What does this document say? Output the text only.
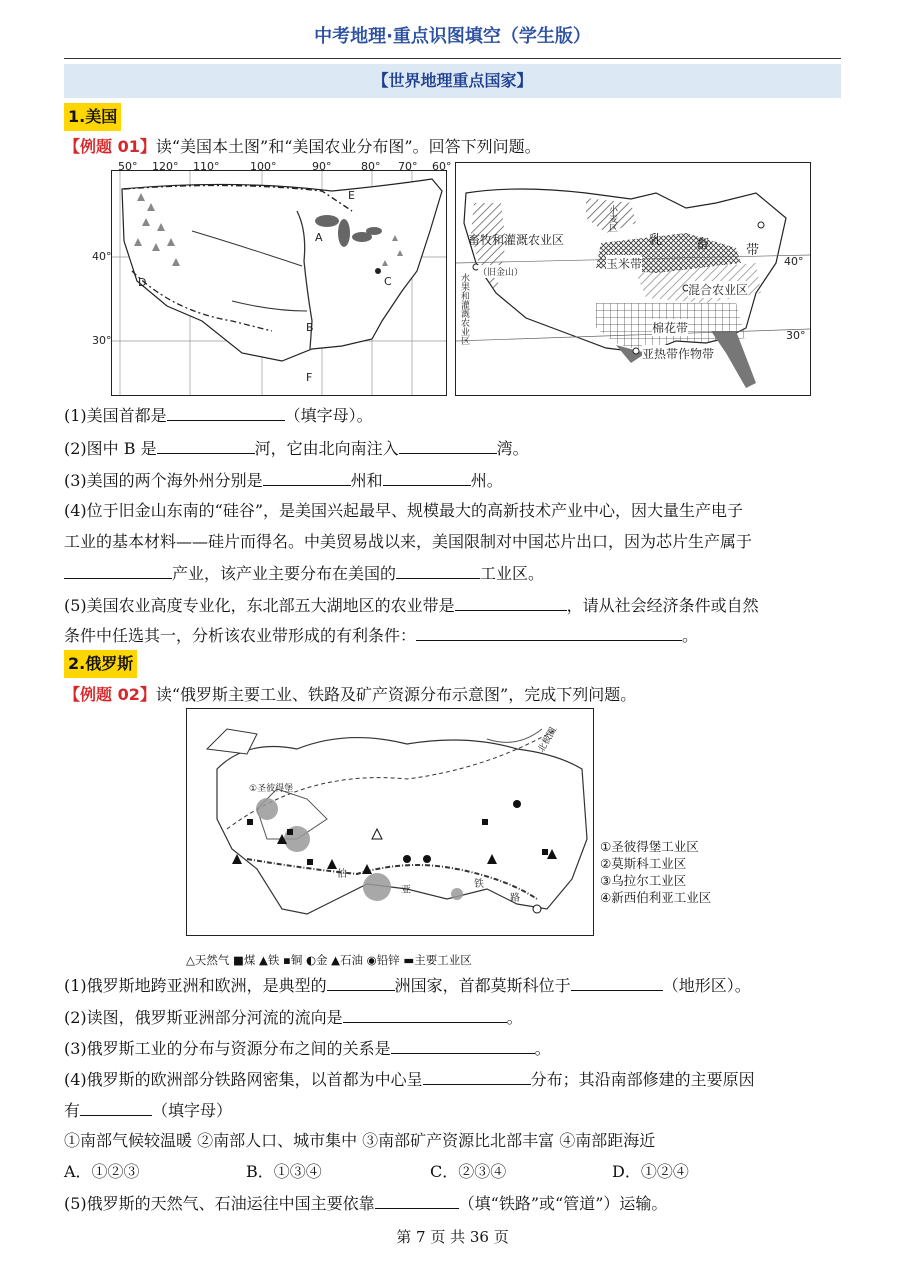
中考地理·重点识图填空（学生版）
【世界地理重点国家】
1.美国
【例题 01】读“美国本土图”和“美国农业分布图”。回答下列问题。
E
A
C
D
B
F
50° 120° 110°	100°	90°	80° 70° 60°
40°
30°
畜牧和灌溉农业区	乳	畜	带
玉米带
混合农业区
棉花带
亚热带作物带
（旧金山）
小麦区
水果和灌溉农业区
40°
30°
(1)美国首都是	（填字母）。
(2)图中 B 是	河，它由北向南注入	湾。
(3)美国的两个海外州分别是	州和	州。
(4)位于旧金山东南的“硅谷”，是美国兴起最早、规模最大的高新技术产业中心，因大量生产电子
工业的基本材料——硅片而得名。中美贸易战以来，美国限制对中国芯片出口，因为芯片生产属于
产业，该产业主要分布在美国的	工业区。
(5)美国农业高度专业化，东北部五大湖地区的农业带是	，请从社会经济条件或自然
条件中任选其一，分析该农业带形成的有利条件：	。
2.俄罗斯
【例题 02】读“俄罗斯主要工业、铁路及矿产资源分布示意图”，完成下列问题。
①圣彼得堡
伯
亚
铁
路
北极圈
①圣彼得堡工业区
②莫斯科工业区
③乌拉尔工业区
④新西伯利亚工业区
△天然气 ■煤 ▲铁 ▪铜 ◐金 ▲石油 ◉铅锌 ▬主要工业区
(1)俄罗斯地跨亚洲和欧洲，是典型的	洲国家，首都莫斯科位于	（地形区）。
(2)读图，俄罗斯亚洲部分河流的流向是	。
(3)俄罗斯工业的分布与资源分布之间的关系是	。
(4)俄罗斯的欧洲部分铁路网密集，以首都为中心呈	分布；其沿南部修建的主要原因
有	（填字母）
①南部气候较温暖 ②南部人口、城市集中 ③南部矿产资源比北部丰富 ④南部距海近
A．①②③	B．①③④	C．②③④	D．①②④
(5)俄罗斯的天然气、石油运往中国主要依靠	（填“铁路”或“管道”）运输。
第 7 页 共 36 页
